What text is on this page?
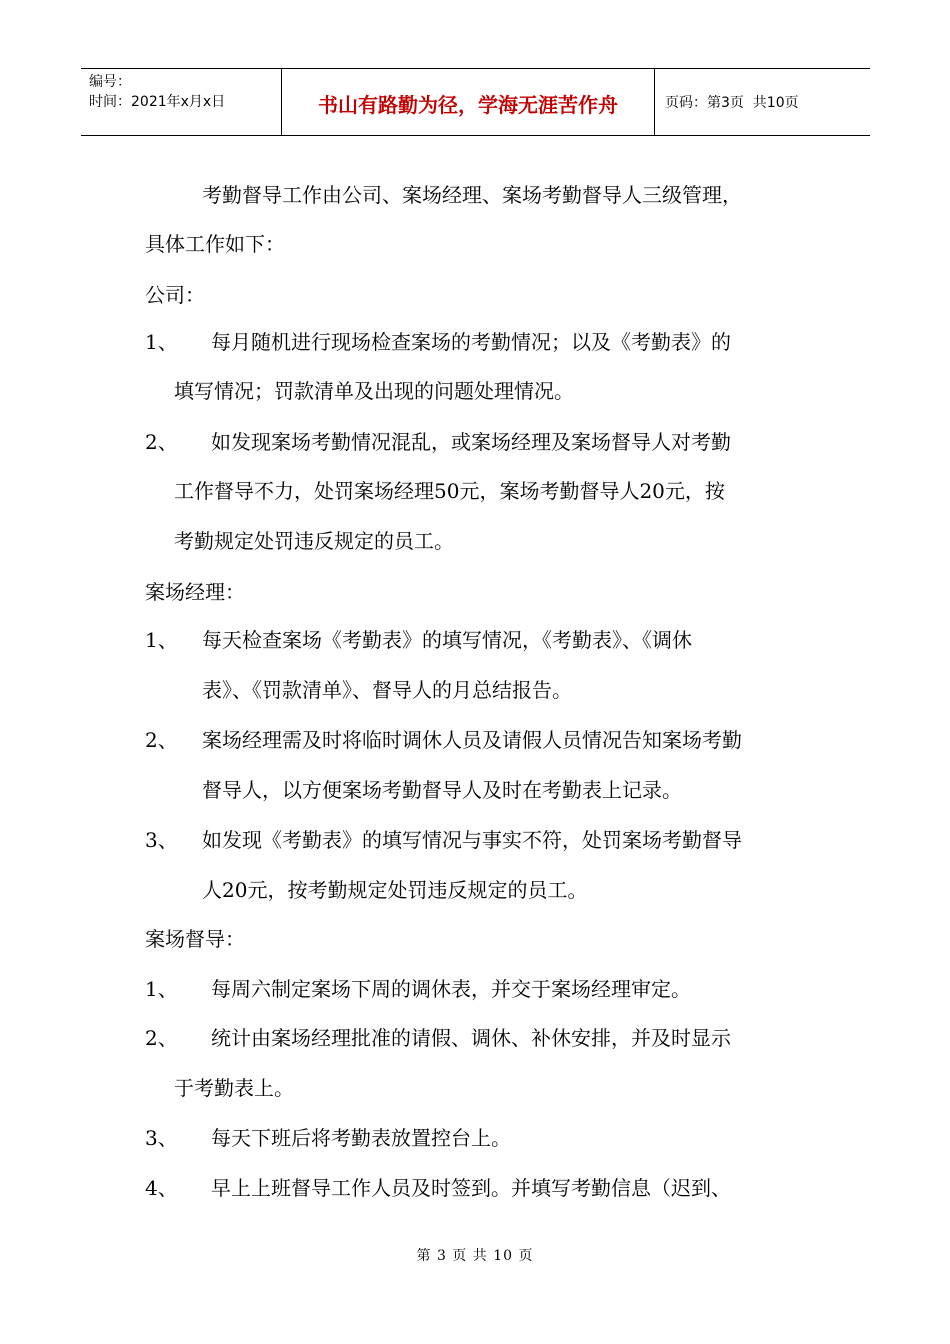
编号：
时间：2021年x月x日	书山有路勤为径，学海无涯苦作舟	页码：第3页  共10页
考勤督导工作由公司、案场经理、案场考勤督导人三级管理，
具体工作如下：
公司：
1、 每月随机进行现场检查案场的考勤情况；以及《考勤表》的
填写情况；罚款清单及出现的问题处理情况。
2、 如发现案场考勤情况混乱，或案场经理及案场督导人对考勤
工作督导不力，处罚案场经理50元，案场考勤督导人20元，按
考勤规定处罚违反规定的员工。
案场经理：
1、 每天检查案场《考勤表》的填写情况，《考勤表》、《调休
表》、《罚款清单》、督导人的月总结报告。
2、 案场经理需及时将临时调休人员及请假人员情况告知案场考勤
督导人，以方便案场考勤督导人及时在考勤表上记录。
3、 如发现《考勤表》的填写情况与事实不符，处罚案场考勤督导
人20元，按考勤规定处罚违反规定的员工。
案场督导：
1、 每周六制定案场下周的调休表，并交于案场经理审定。
2、 统计由案场经理批准的请假、调休、补休安排，并及时显示
于考勤表上。
3、 每天下班后将考勤表放置控台上。
4、 早上上班督导工作人员及时签到。并填写考勤信息（迟到、
第 3 页 共 10 页
